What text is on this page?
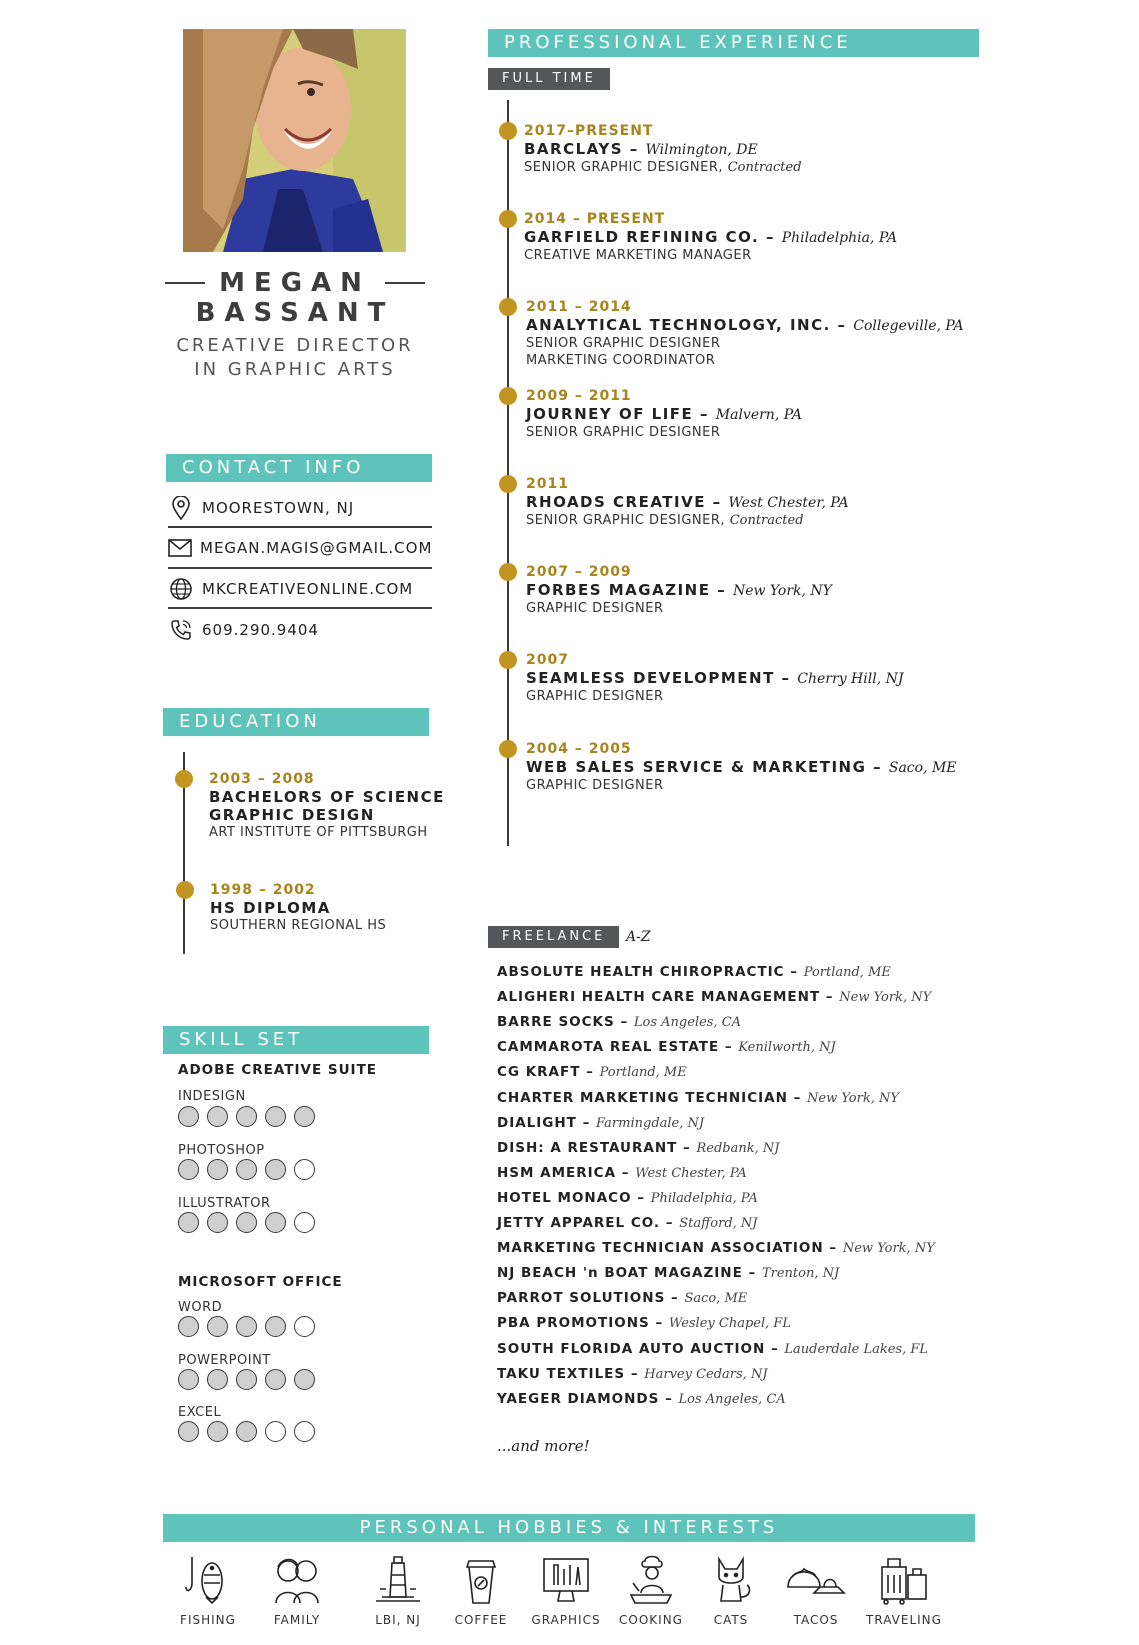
MEGAN
BASSANT
CREATIVE DIRECTOR
IN GRAPHIC ARTS
CONTACT INFO
MOORESTOWN, NJ
MEGAN.MAGIS@GMAIL.COM
MKCREATIVEONLINE.COM
609.290.9404
EDUCATION
2003 – 2008
BACHELORS OF SCIENCE
GRAPHIC DESIGN
ART INSTITUTE OF PITTSBURGH
1998 – 2002
HS DIPLOMA
SOUTHERN REGIONAL HS
SKILL SET
ADOBE CREATIVE SUITE
INDESIGN
PHOTOSHOP
ILLUSTRATOR
MICROSOFT OFFICE
WORD
POWERPOINT
EXCEL
PROFESSIONAL EXPERIENCE
FULL TIME
2017–PRESENT
BARCLAYS – Wilmington, DE
SENIOR GRAPHIC DESIGNER, Contracted
2014 – PRESENT
GARFIELD REFINING CO. – Philadelphia, PA
CREATIVE MARKETING MANAGER
2011 – 2014
ANALYTICAL TECHNOLOGY, INC. – Collegeville, PA
SENIOR GRAPHIC DESIGNER
MARKETING COORDINATOR
2009 – 2011
JOURNEY OF LIFE – Malvern, PA
SENIOR GRAPHIC DESIGNER
2011
RHOADS CREATIVE – West Chester, PA
SENIOR GRAPHIC DESIGNER, Contracted
2007 – 2009
FORBES MAGAZINE – New York, NY
GRAPHIC DESIGNER
2007
SEAMLESS DEVELOPMENT – Cherry Hill, NJ
GRAPHIC DESIGNER
2004 – 2005
WEB SALES SERVICE & MARKETING – Saco, ME
GRAPHIC DESIGNER
FREELANCE	A-Z
ABSOLUTE HEALTH CHIROPRACTIC – Portland, ME
ALIGHERI HEALTH CARE MANAGEMENT – New York, NY
BARRE SOCKS – Los Angeles, CA
CAMMAROTA REAL ESTATE – Kenilworth, NJ
CG KRAFT – Portland, ME
CHARTER MARKETING TECHNICIAN – New York, NY
DIALIGHT – Farmingdale, NJ
DISH: A RESTAURANT – Redbank, NJ
HSM AMERICA – West Chester, PA
HOTEL MONACO – Philadelphia, PA
JETTY APPAREL CO. – Stafford, NJ
MARKETING TECHNICIAN ASSOCIATION – New York, NY
NJ BEACH 'n BOAT MAGAZINE – Trenton, NJ
PARROT SOLUTIONS – Saco, ME
PBA PROMOTIONS – Wesley Chapel, FL
SOUTH FLORIDA AUTO AUCTION – Lauderdale Lakes, FL
TAKU TEXTILES – Harvey Cedars, NJ
YAEGER DIAMONDS – Los Angeles, CA
...and more!
PERSONAL HOBBIES & INTERESTS
FISHING	FAMILY	LBI, NJ	COFFEE	GRAPHICS	COOKING	CATS	TACOS	TRAVELING
